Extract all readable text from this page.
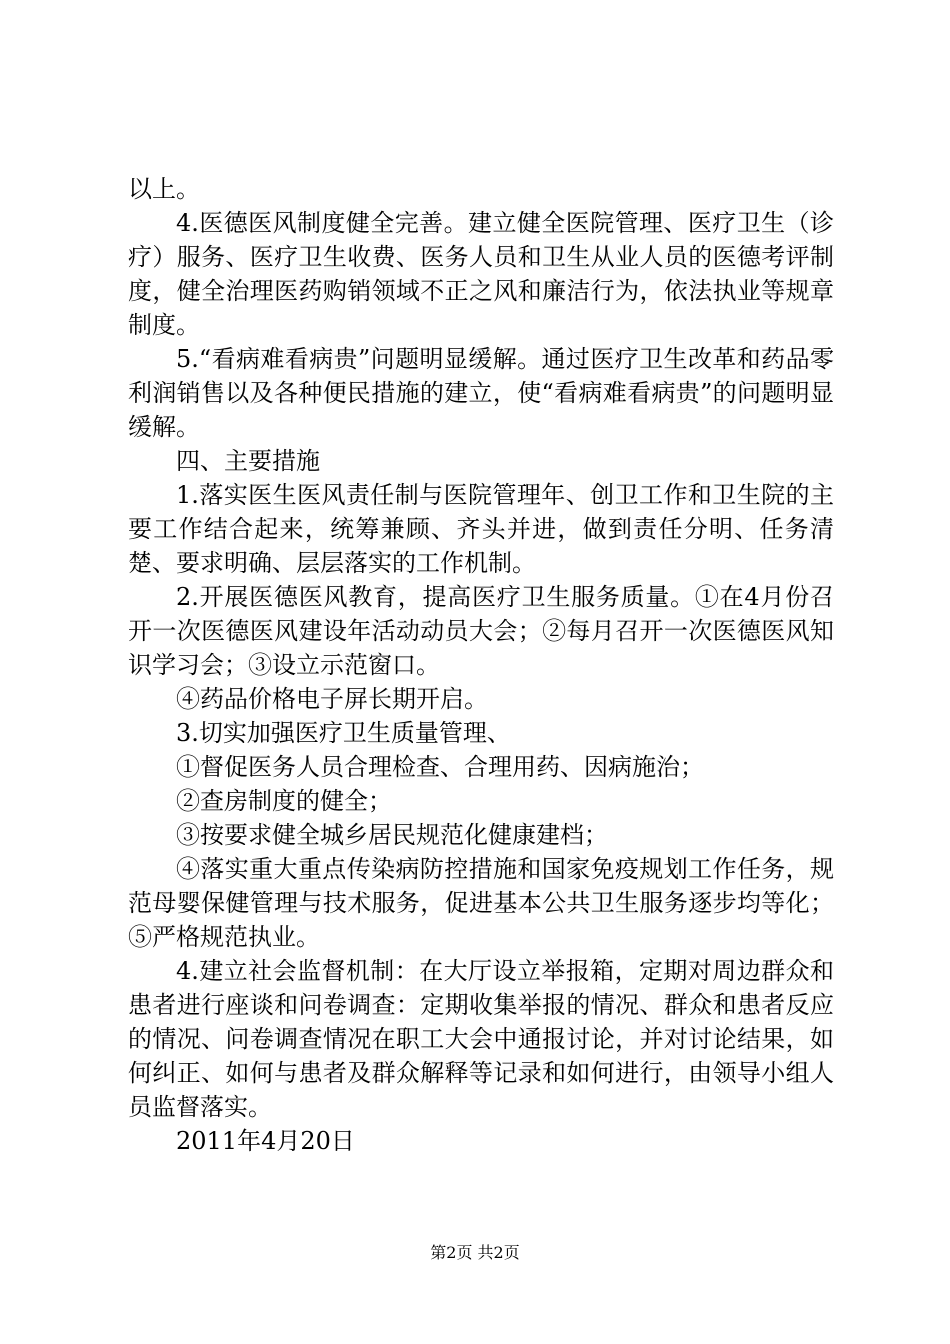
以上。

4.医德医风制度健全完善。建立健全医院管理、医疗卫生（诊疗）服务、医疗卫生收费、医务人员和卫生从业人员的医德考评制度，健全治理医药购销领域不正之风和廉洁行为，依法执业等规章制度。

5.“看病难看病贵”问题明显缓解。通过医疗卫生改革和药品零利润销售以及各种便民措施的建立，使“看病难看病贵”的问题明显缓解。

四、主要措施

1.落实医生医风责任制与医院管理年、创卫工作和卫生院的主要工作结合起来，统筹兼顾、齐头并进，做到责任分明、任务清楚、要求明确、层层落实的工作机制。

2.开展医德医风教育，提高医疗卫生服务质量。①在4月份召开一次医德医风建设年活动动员大会；②每月召开一次医德医风知识学习会；③设立示范窗口。

④药品价格电子屏长期开启。

3.切实加强医疗卫生质量管理、

①督促医务人员合理检查、合理用药、因病施治；

②查房制度的健全；

③按要求健全城乡居民规范化健康建档；

④落实重大重点传染病防控措施和国家免疫规划工作任务，规范母婴保健管理与技术服务，促进基本公共卫生服务逐步均等化；⑤严格规范执业。

4.建立社会监督机制：在大厅设立举报箱，定期对周边群众和患者进行座谈和问卷调查：定期收集举报的情况、群众和患者反应的情况、问卷调查情况在职工大会中通报讨论，并对讨论结果，如何纠正、如何与患者及群众解释等记录和如何进行，由领导小组人员监督落实。

2011年4月20日

第2页 共2页
